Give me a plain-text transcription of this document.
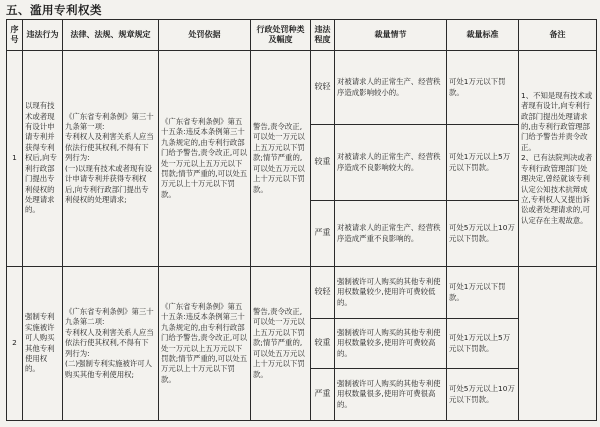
五、滥用专利权类
序号	违法行为	法律、法规、规章规定	处罚依据	行政处罚种类及幅度	违法程度	裁量情节	裁量标准	备注
1	以现有技术或者现有设计申请专利并获得专利权后,向专利行政部门提出专利侵权的处理请求的。	《广东省专利条例》第三十九条第一项:
专利权人及利害关系人应当依法行使其权利,不得有下列行为:
(一)以现有技术或者现有设计申请专利并获得专利权后,向专利行政部门提出专利侵权的处理请求;	《广东省专利条例》第五十五条:违反本条例第三十九条规定的,由专利行政部门给予警告,责令改正,可以处一万元以上五万元以下罚款;情节严重的,可以处五万元以上十万元以下罚款。	警告,责令改正,可以处一万元以上五万元以下罚款;情节严重的,可以处五万元以上十万元以下罚款。	较轻	对被请求人的正常生产、经营秩序造成影响较小的。	可处1万元以下罚款。	1、不知是现有技术或者现有设计,向专利行政部门提出处理请求的,由专利行政管理部门给予警告并责令改正。
2、已有法院判决或者专利行政管理部门处理决定,曾经就该专利认定公知技术抗辩成立,专利权人又提出诉讼或者处理请求的,可认定存在主观故意。
					较重	对被请求人的正常生产、经营秩序造成不良影响较大的。	可处1万元以上5万元以下罚款。	
					严重	对被请求人的正常生产、经营秩序造成严重不良影响的。	可处5万元以上10万元以下罚款。	
2	强制专利实施被许可人购买其他专利使用权的。	《广东省专利条例》第三十九条第二项:
专利权人及利害关系人应当依法行使其权利,不得有下列行为:
(二)强制专利实施被许可人购买其他专利使用权;	《广东省专利条例》第五十五条:违反本条例第三十九条规定的,由专利行政部门给予警告,责令改正,可以处一万元以上五万元以下罚款;情节严重的,可以处五万元以上十万元以下罚款。	警告,责令改正,可以处一万元以上五万元以下罚款;情节严重的,可以处五万元以上十万元以下罚款。	较轻	强制被许可人购买的其他专利使用权数量较少,使用许可费较低的。	可处1万元以下罚款。	
					较重	强制被许可人购买的其他专利使用权数量较多,使用许可费较高的。	可处1万元以上5万元以下罚款。	
					严重	强制被许可人购买的其他专利使用权数量很多,使用许可费很高的。	可处5万元以上10万元以下罚款。	
